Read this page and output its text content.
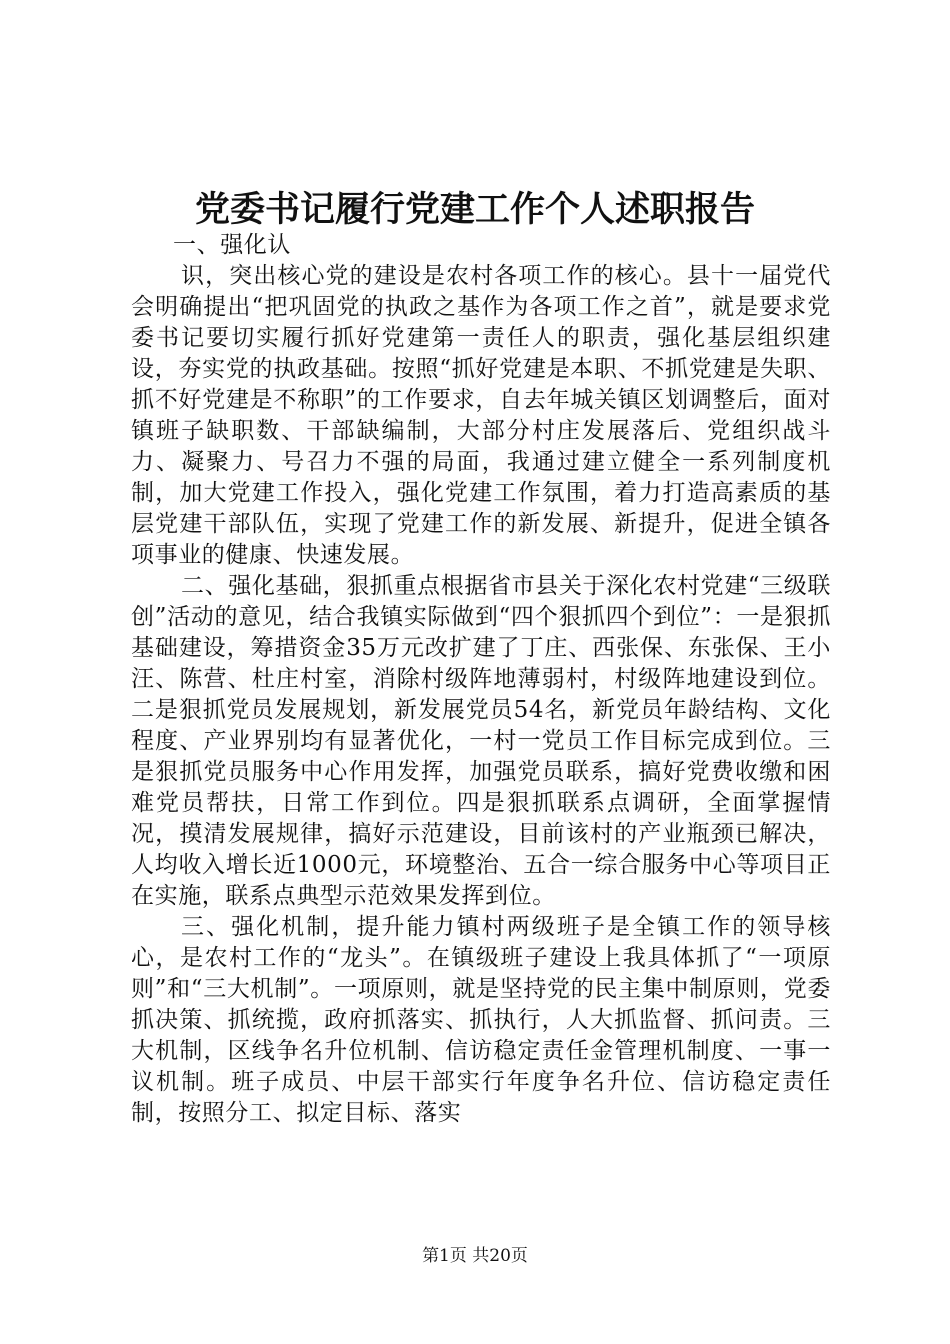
党委书记履行党建工作个人述职报告

一、强化认

识，突出核心党的建设是农村各项工作的核心。县十一届党代会明确提出“把巩固党的执政之基作为各项工作之首”，就是要求党委书记要切实履行抓好党建第一责任人的职责，强化基层组织建设，夯实党的执政基础。按照“抓好党建是本职、不抓党建是失职、抓不好党建是不称职”的工作要求，自去年城关镇区划调整后，面对镇班子缺职数、干部缺编制，大部分村庄发展落后、党组织战斗力、凝聚力、号召力不强的局面，我通过建立健全一系列制度机制，加大党建工作投入，强化党建工作氛围，着力打造高素质的基层党建干部队伍，实现了党建工作的新发展、新提升，促进全镇各项事业的健康、快速发展。

二、强化基础，狠抓重点根据省市县关于深化农村党建“三级联创”活动的意见，结合我镇实际做到“四个狠抓四个到位”：一是狠抓基础建设，筹措资金35万元改扩建了丁庄、西张保、东张保、王小汪、陈营、杜庄村室，消除村级阵地薄弱村，村级阵地建设到位。二是狠抓党员发展规划，新发展党员54名，新党员年龄结构、文化程度、产业界别均有显著优化，一村一党员工作目标完成到位。三是狠抓党员服务中心作用发挥，加强党员联系，搞好党费收缴和困难党员帮扶，日常工作到位。四是狠抓联系点调研，全面掌握情况，摸清发展规律，搞好示范建设，目前该村的产业瓶颈已解决，人均收入增长近1000元，环境整治、五合一综合服务中心等项目正在实施，联系点典型示范效果发挥到位。

三、强化机制，提升能力镇村两级班子是全镇工作的领导核心，是农村工作的“龙头”。在镇级班子建设上我具体抓了“一项原则”和“三大机制”。一项原则，就是坚持党的民主集中制原则，党委抓决策、抓统揽，政府抓落实、抓执行，人大抓监督、抓问责。三大机制，区线争名升位机制、信访稳定责任金管理机制度、一事一议机制。班子成员、中层干部实行年度争名升位、信访稳定责任制，按照分工、拟定目标、落实

第1页 共20页
